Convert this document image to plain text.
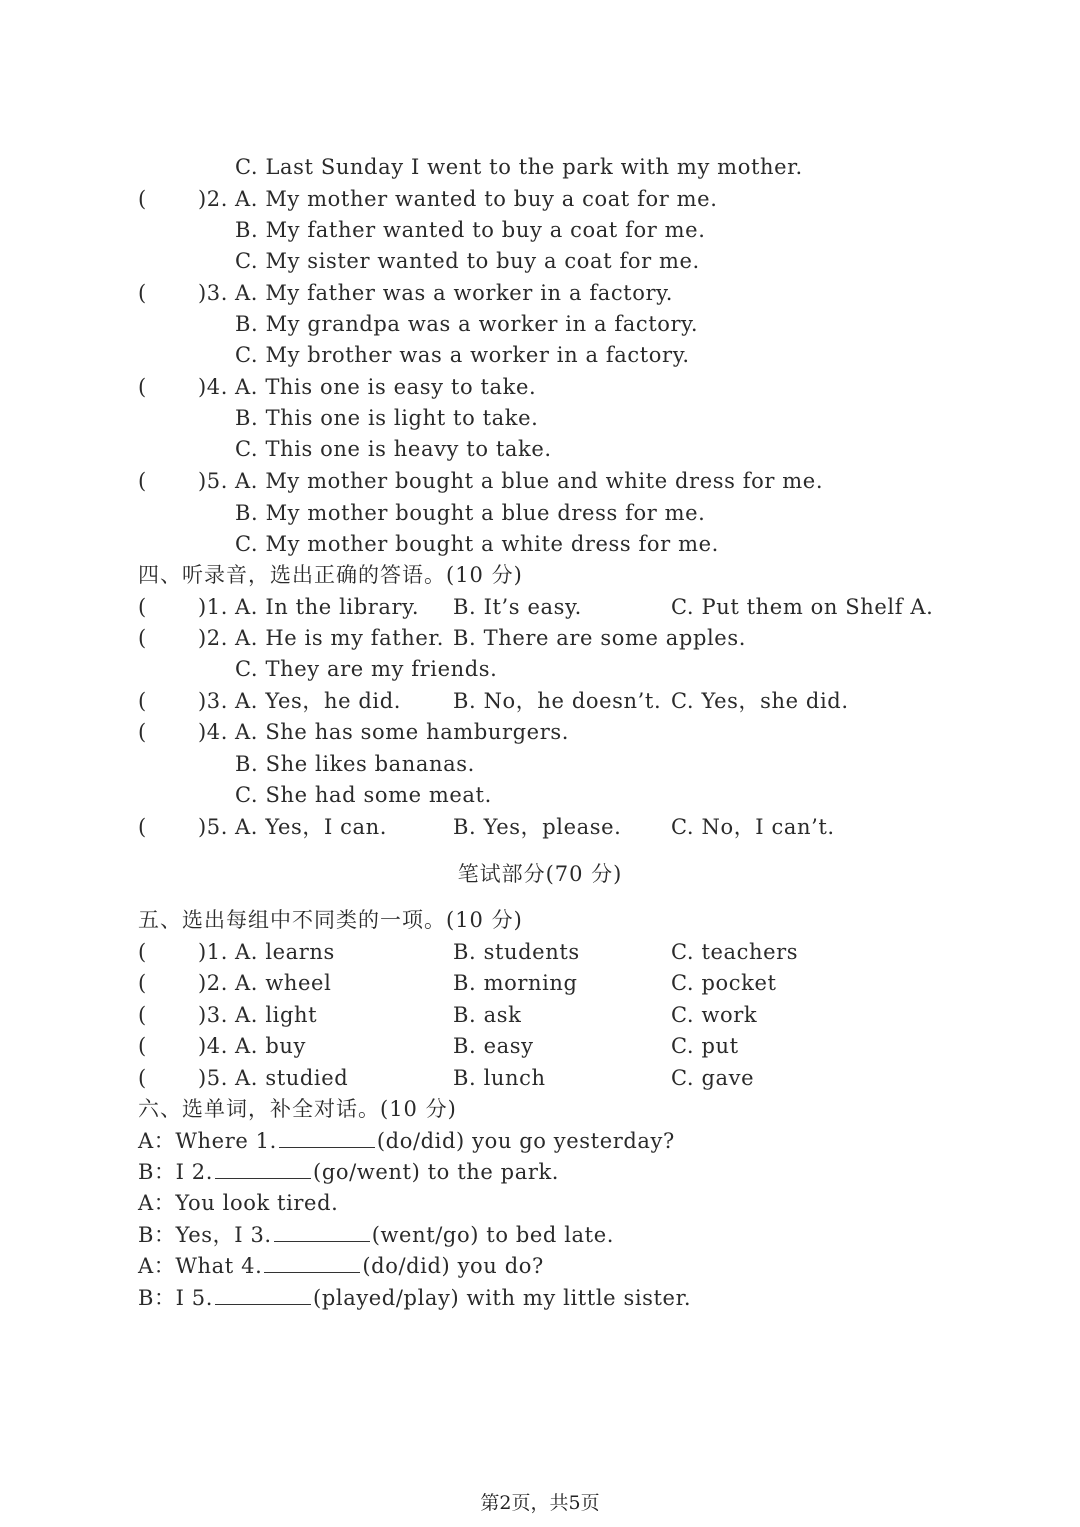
C. Last Sunday I went to the park with my mother.
( )2. A. My mother wanted to buy a coat for me.
B. My father wanted to buy a coat for me.
C. My sister wanted to buy a coat for me.
( )3. A. My father was a worker in a factory.
B. My grandpa was a worker in a factory.
C. My brother was a worker in a factory.
( )4. A. This one is easy to take.
B. This one is light to take.
C. This one is heavy to take.
( )5. A. My mother bought a blue and white dress for me.
B. My mother bought a blue dress for me.
C. My mother bought a white dress for me.
四、听录音，选出正确的答语。(10 分)
( )1. A. In the library. B. It’s easy.	C. Put them on Shelf A.
( )2. A. He is my father. B. There are some apples.
C. They are my friends.
( )3. A. Yes，he did. B. No，he doesn’t. C. Yes，she did.
( )4. A. She has some hamburgers.
B. She likes bananas.
C. She had some meat.
( )5. A. Yes，I can.	B. Yes，please. C. No，I can’t.
笔试部分(70 分)
五、选出每组中不同类的一项。(10 分)
( )1. A. learns	B. students	C. teachers
( )2. A. wheel	B. morning	C. pocket
( )3. A. light	B. ask	C. work
( )4. A. buy	B. easy	C. put
( )5. A. studied	B. lunch	C. gave
六、选单词，补全对话。(10 分)
A：Where 1.	(do/did) you go yesterday?
B：I 2.	(go/went) to the park.
A：You look tired.
B：Yes，I 3.	(went/go) to bed late.
A：What 4.	(do/did) you do?
B：I 5.	(played/play) with my little sister.
第2页，共5页
